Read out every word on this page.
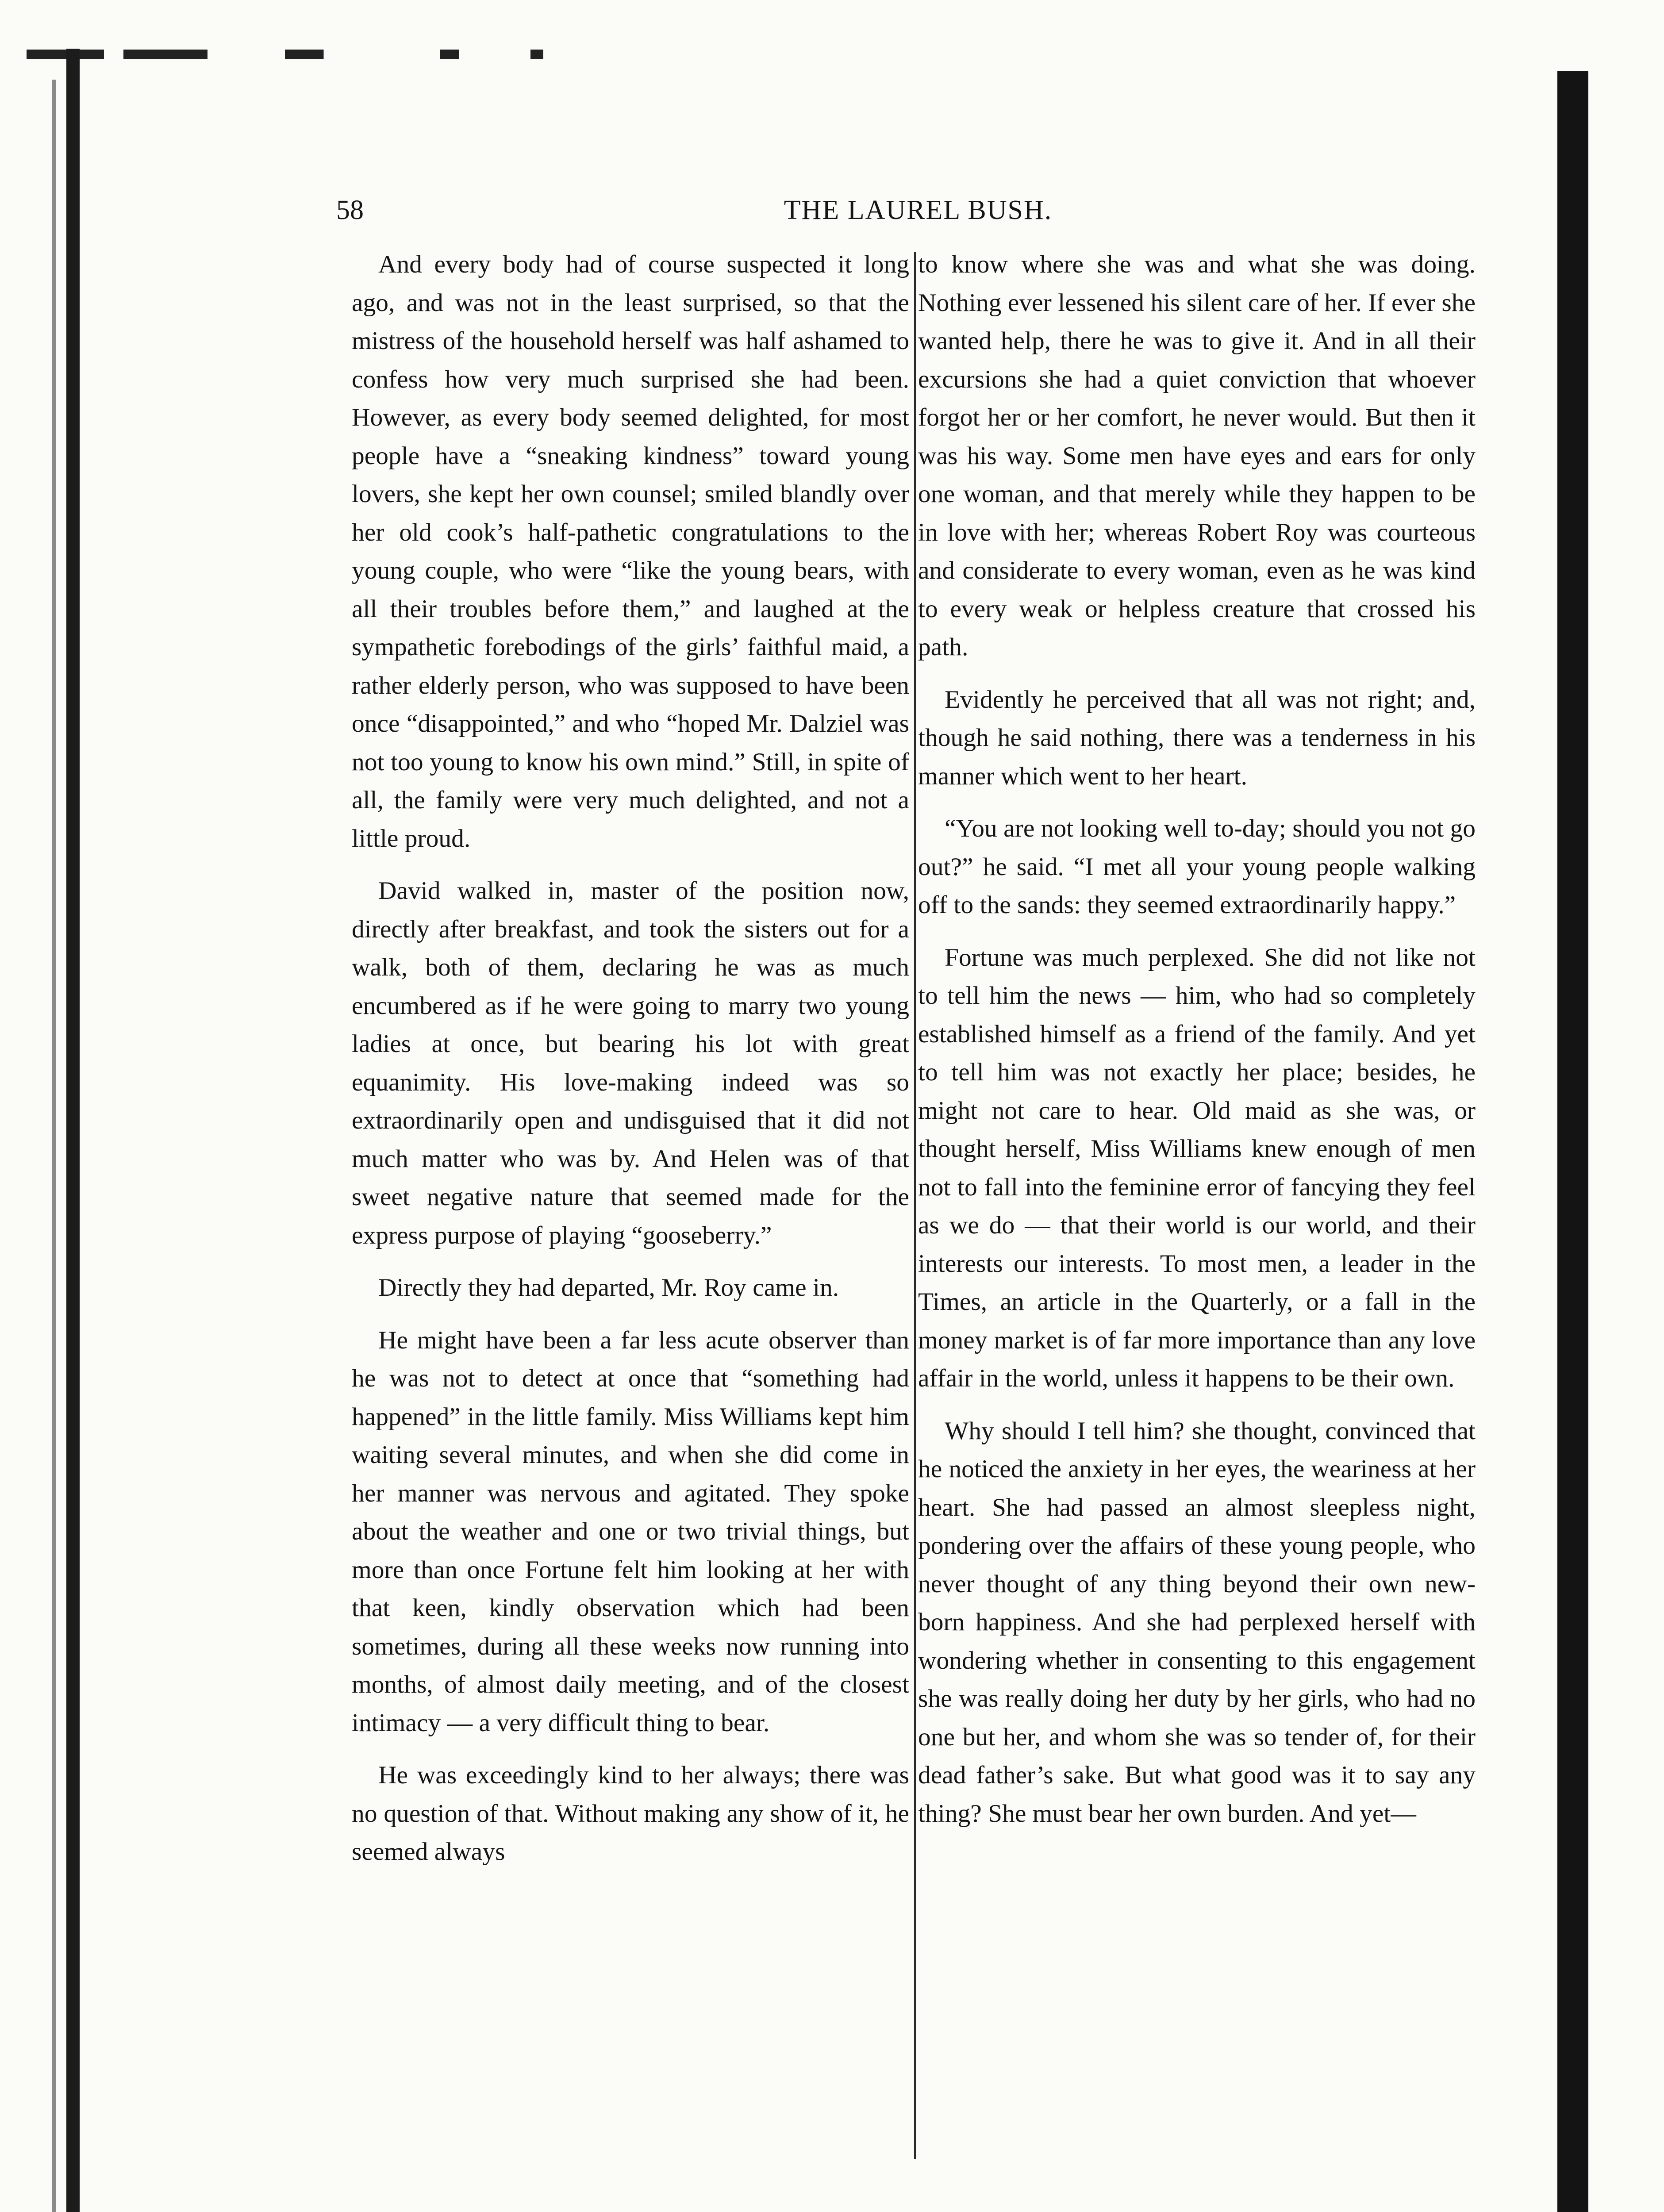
58	THE LAUREL BUSH.

And every body had of course suspected it long ago, and was not in the least surprised, so that the mistress of the household herself was half ashamed to confess how very much surprised she had been. However, as every body seemed delighted, for most people have a “sneaking kindness” toward young lovers, she kept her own counsel; smiled blandly over her old cook’s half-pathetic congratulations to the young couple, who were “like the young bears, with all their troubles before them,” and laughed at the sympathetic forebodings of the girls’ faithful maid, a rather elderly person, who was supposed to have been once “disappointed,” and who “hoped Mr. Dalziel was not too young to know his own mind.” Still, in spite of all, the family were very much delighted, and not a little proud.

David walked in, master of the position now, directly after breakfast, and took the sisters out for a walk, both of them, declaring he was as much encumbered as if he were going to marry two young ladies at once, but bearing his lot with great equanimity. His love-making indeed was so extraordinarily open and undisguised that it did not much matter who was by. And Helen was of that sweet negative nature that seemed made for the express purpose of playing “gooseberry.”

Directly they had departed, Mr. Roy came in.

He might have been a far less acute observer than he was not to detect at once that “something had happened” in the little family. Miss Williams kept him waiting several minutes, and when she did come in her manner was nervous and agitated. They spoke about the weather and one or two trivial things, but more than once Fortune felt him looking at her with that keen, kindly observation which had been sometimes, during all these weeks now running into months, of almost daily meeting, and of the closest intimacy — a very difficult thing to bear.

He was exceedingly kind to her always; there was no question of that. Without making any show of it, he seemed always

to know where she was and what she was doing. Nothing ever lessened his silent care of her. If ever she wanted help, there he was to give it. And in all their excursions she had a quiet conviction that whoever forgot her or her comfort, he never would. But then it was his way. Some men have eyes and ears for only one woman, and that merely while they happen to be in love with her; whereas Robert Roy was courteous and considerate to every woman, even as he was kind to every weak or helpless creature that crossed his path.

Evidently he perceived that all was not right; and, though he said nothing, there was a tenderness in his manner which went to her heart.

“You are not looking well to-day; should you not go out?” he said. “I met all your young people walking off to the sands: they seemed extraordinarily happy.”

Fortune was much perplexed. She did not like not to tell him the news — him, who had so completely established himself as a friend of the family. And yet to tell him was not exactly her place; besides, he might not care to hear. Old maid as she was, or thought herself, Miss Williams knew enough of men not to fall into the feminine error of fancying they feel as we do — that their world is our world, and their interests our interests. To most men, a leader in the Times, an article in the Quarterly, or a fall in the money market is of far more importance than any love affair in the world, unless it happens to be their own.

Why should I tell him? she thought, convinced that he noticed the anxiety in her eyes, the weariness at her heart. She had passed an almost sleepless night, pondering over the affairs of these young people, who never thought of any thing beyond their own new-born happiness. And she had perplexed herself with wondering whether in consenting to this engagement she was really doing her duty by her girls, who had no one but her, and whom she was so tender of, for their dead father’s sake. But what good was it to say any thing? She must bear her own burden. And yet—
